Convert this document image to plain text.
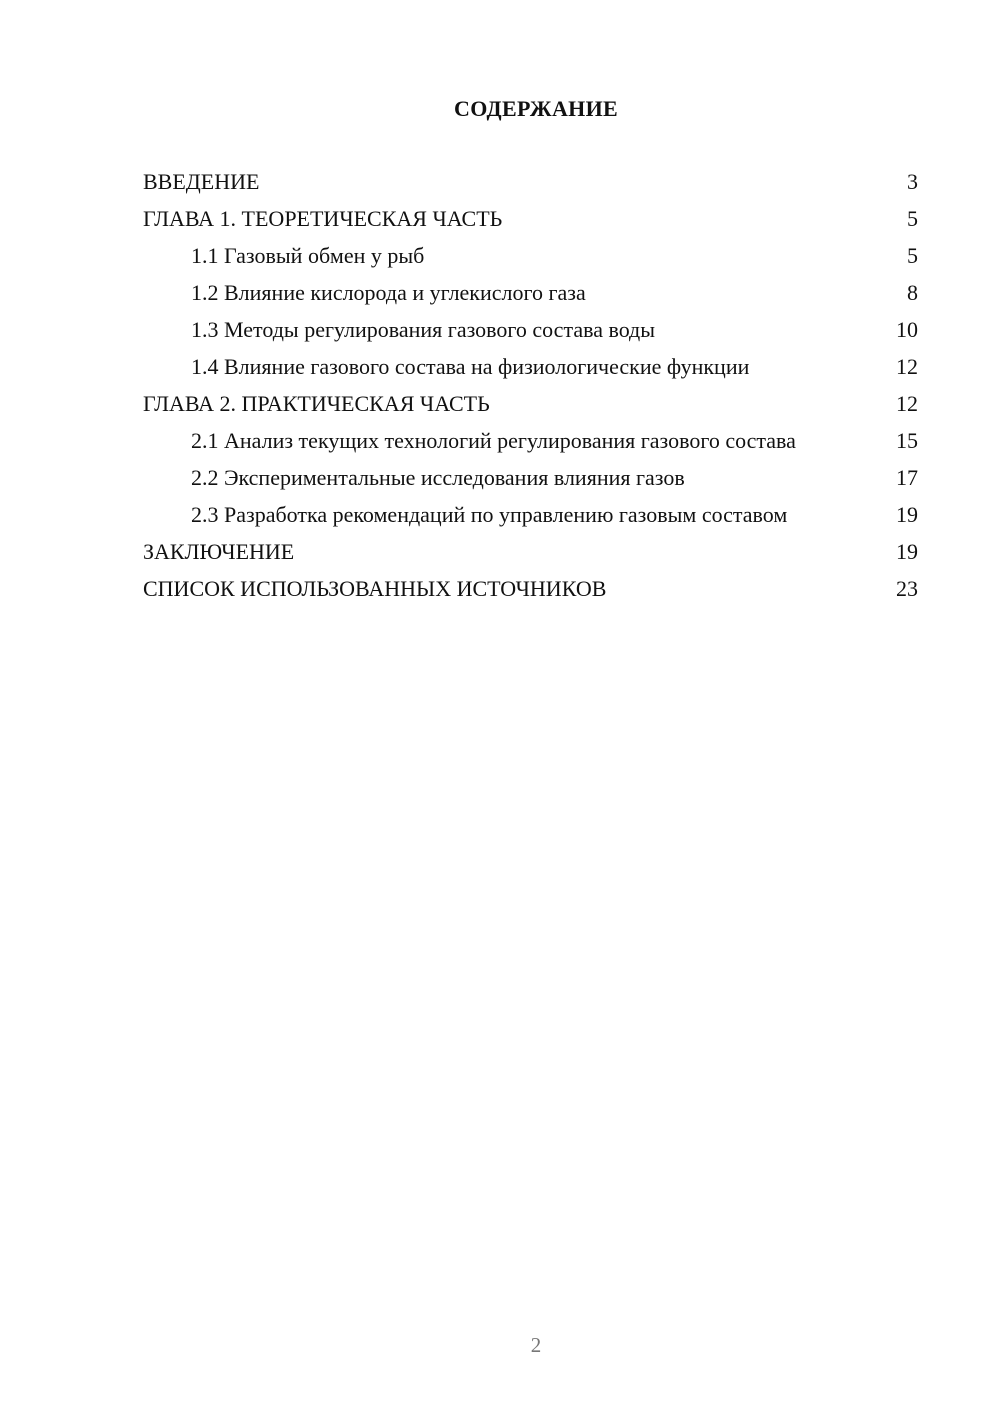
СОДЕРЖАНИЕ
ВВЕДЕНИЕ	3
ГЛАВА 1. ТЕОРЕТИЧЕСКАЯ ЧАСТЬ	5
1.1 Газовый обмен у рыб	5
1.2 Влияние кислорода и углекислого газа	8
1.3 Методы регулирования газового состава воды	10
1.4 Влияние газового состава на физиологические функции	12
ГЛАВА 2. ПРАКТИЧЕСКАЯ ЧАСТЬ	12
2.1 Анализ текущих технологий регулирования газового состава	15
2.2 Экспериментальные исследования влияния газов	17
2.3 Разработка рекомендаций по управлению газовым составом	19
ЗАКЛЮЧЕНИЕ	19
СПИСОК ИСПОЛЬЗОВАННЫХ ИСТОЧНИКОВ	23
2
